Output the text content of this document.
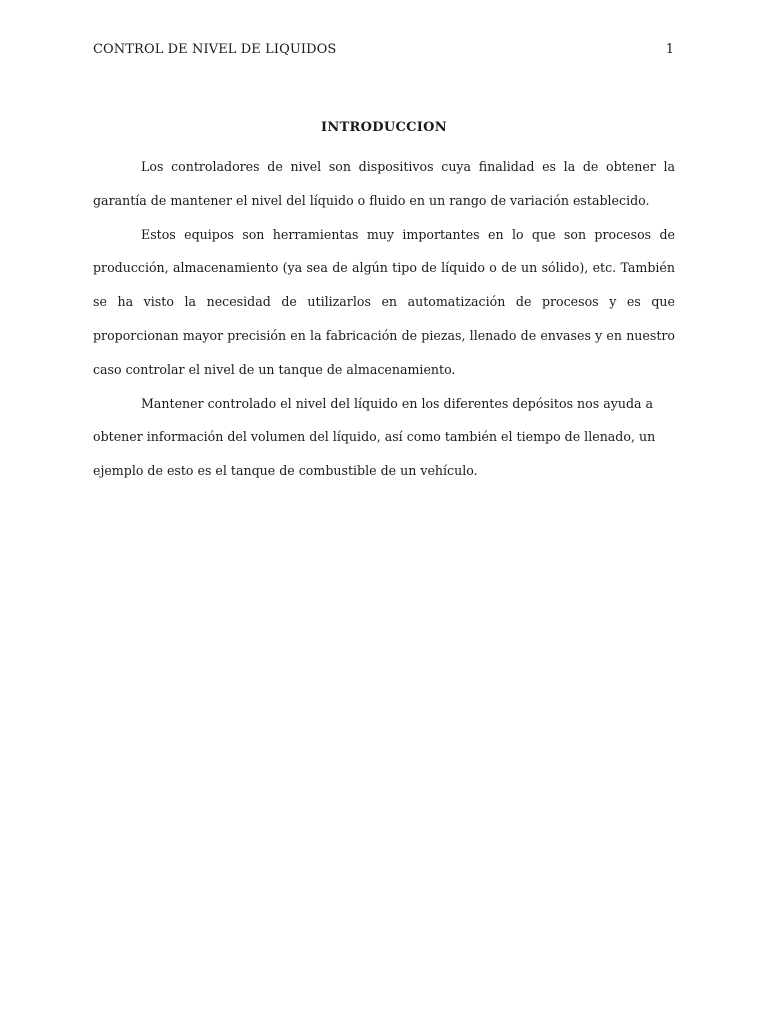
CONTROL DE NIVEL DE LIQUIDOS	1
INTRODUCCION

Los controladores de nivel son dispositivos cuya finalidad es la de obtener la garantía de mantener el nivel del líquido o fluido en un rango de variación establecido.

Estos equipos son herramientas muy importantes en lo que son procesos de producción, almacenamiento (ya sea de algún tipo de líquido o de un sólido), etc. También se ha visto la necesidad de utilizarlos en automatización de procesos y es que proporcionan mayor precisión en la fabricación de piezas, llenado de envases y en nuestro caso controlar el nivel de un tanque de almacenamiento.

Mantener controlado el nivel del líquido en los diferentes depósitos nos ayuda a obtener información del volumen del líquido, así como también el tiempo de llenado, un ejemplo de esto es el tanque de combustible de un vehículo.
